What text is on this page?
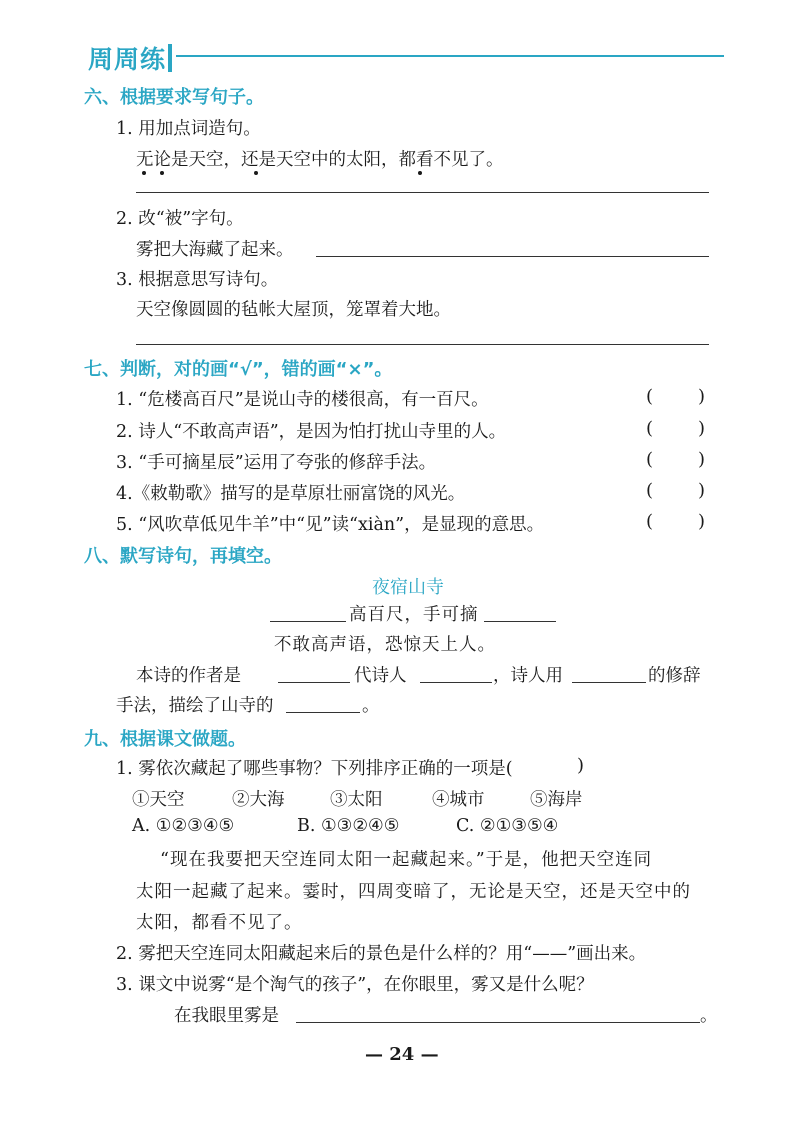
周周练
六、根据要求写句子。
1. 用加点词造句。
无论是天空，还是天空中的太阳，都看不见了。
2. 改“被”字句。
雾把大海藏了起来。
3. 根据意思写诗句。
天空像圆圆的毡帐大屋顶，笼罩着大地。
七、判断，对的画“√”，错的画“×”。
1. “危楼高百尺”是说山寺的楼很高，有一百尺。	( )
2. 诗人“不敢高声语”，是因为怕打扰山寺里的人。	( )
3. “手可摘星辰”运用了夸张的修辞手法。	( )
4.《敕勒歌》描写的是草原壮丽富饶的风光。	( )
5. “风吹草低见牛羊”中“见”读“xiàn”，是显现的意思。	( )
八、默写诗句，再填空。
夜宿山寺
高百尺，手可摘
不敢高声语，恐惊天上人。
本诗的作者是	代诗人	，诗人用	的修辞
手法，描绘了山寺的	。
九、根据课文做题。
1. 雾依次藏起了哪些事物？下列排序正确的一项是(	)
①天空	②大海	③太阳	④城市	⑤海岸
A. ①②③④⑤	B. ①③②④⑤	C. ②①③⑤④
“现在我要把天空连同太阳一起藏起来。”于是，他把天空连同
太阳一起藏了起来。霎时，四周变暗了，无论是天空，还是天空中的
太阳，都看不见了。
2. 雾把天空连同太阳藏起来后的景色是什么样的？用“——”画出来。
3. 课文中说雾“是个淘气的孩子”，在你眼里，雾又是什么呢？
在我眼里雾是	。
— 24 —
